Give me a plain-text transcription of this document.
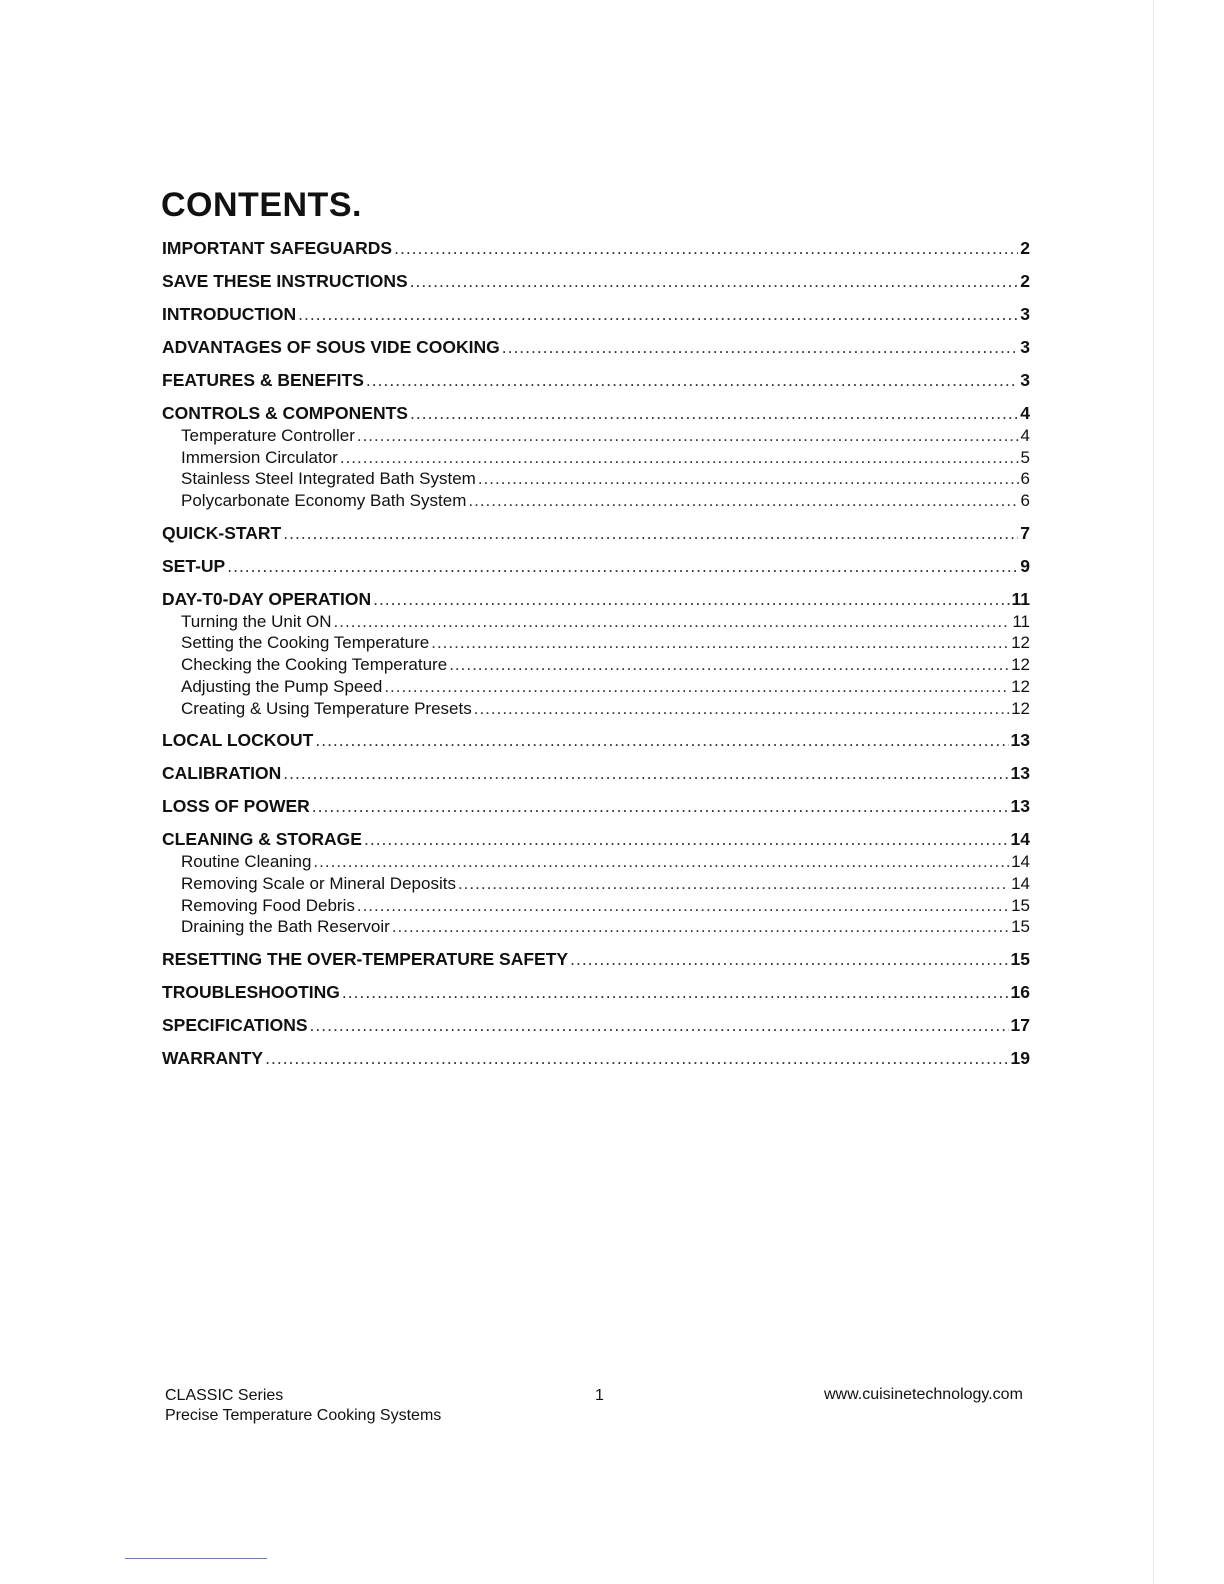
CONTENTS.
IMPORTANT SAFEGUARDS .....	2
SAVE THESE INSTRUCTIONS .....	2
INTRODUCTION .....	3
ADVANTAGES OF SOUS VIDE COOKING .....	3
FEATURES & BENEFITS .....	3
CONTROLS & COMPONENTS .....	4
Temperature Controller .....	4
Immersion Circulator .....	5
Stainless Steel Integrated Bath System .....	6
Polycarbonate Economy Bath System .....	6
QUICK-START .....	7
SET-UP .....	9
DAY-T0-DAY OPERATION .....	11
Turning the Unit ON .....	11
Setting the Cooking Temperature .....	12
Checking the Cooking Temperature .....	12
Adjusting the Pump Speed .....	12
Creating & Using Temperature Presets .....	12
LOCAL LOCKOUT .....	13
CALIBRATION .....	13
LOSS OF POWER .....	13
CLEANING & STORAGE .....	14
Routine Cleaning .....	14
Removing Scale or Mineral Deposits .....	14
Removing Food Debris .....	15
Draining the Bath Reservoir .....	15
RESETTING THE OVER-TEMPERATURE SAFETY .....	15
TROUBLESHOOTING .....	16
SPECIFICATIONS .....	17
WARRANTY .....	19
CLASSIC Series
Precise Temperature Cooking Systems
1	www.cuisinetechnology.com
